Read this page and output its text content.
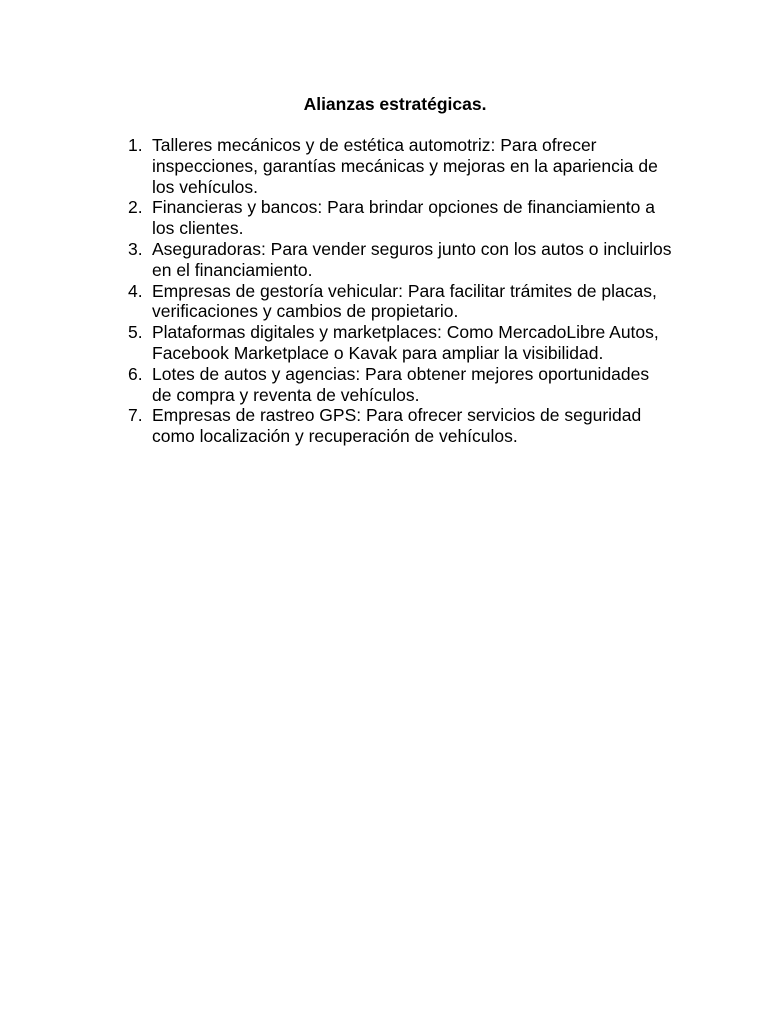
Alianzas estratégicas.
1. Talleres mecánicos y de estética automotriz: Para ofrecer inspecciones, garantías mecánicas y mejoras en la apariencia de los vehículos.
2. Financieras y bancos: Para brindar opciones de financiamiento a los clientes.
3. Aseguradoras: Para vender seguros junto con los autos o incluirlos en el financiamiento.
4. Empresas de gestoría vehicular: Para facilitar trámites de placas, verificaciones y cambios de propietario.
5. Plataformas digitales y marketplaces: Como MercadoLibre Autos, Facebook Marketplace o Kavak para ampliar la visibilidad.
6. Lotes de autos y agencias: Para obtener mejores oportunidades de compra y reventa de vehículos.
7. Empresas de rastreo GPS: Para ofrecer servicios de seguridad como localización y recuperación de vehículos.
